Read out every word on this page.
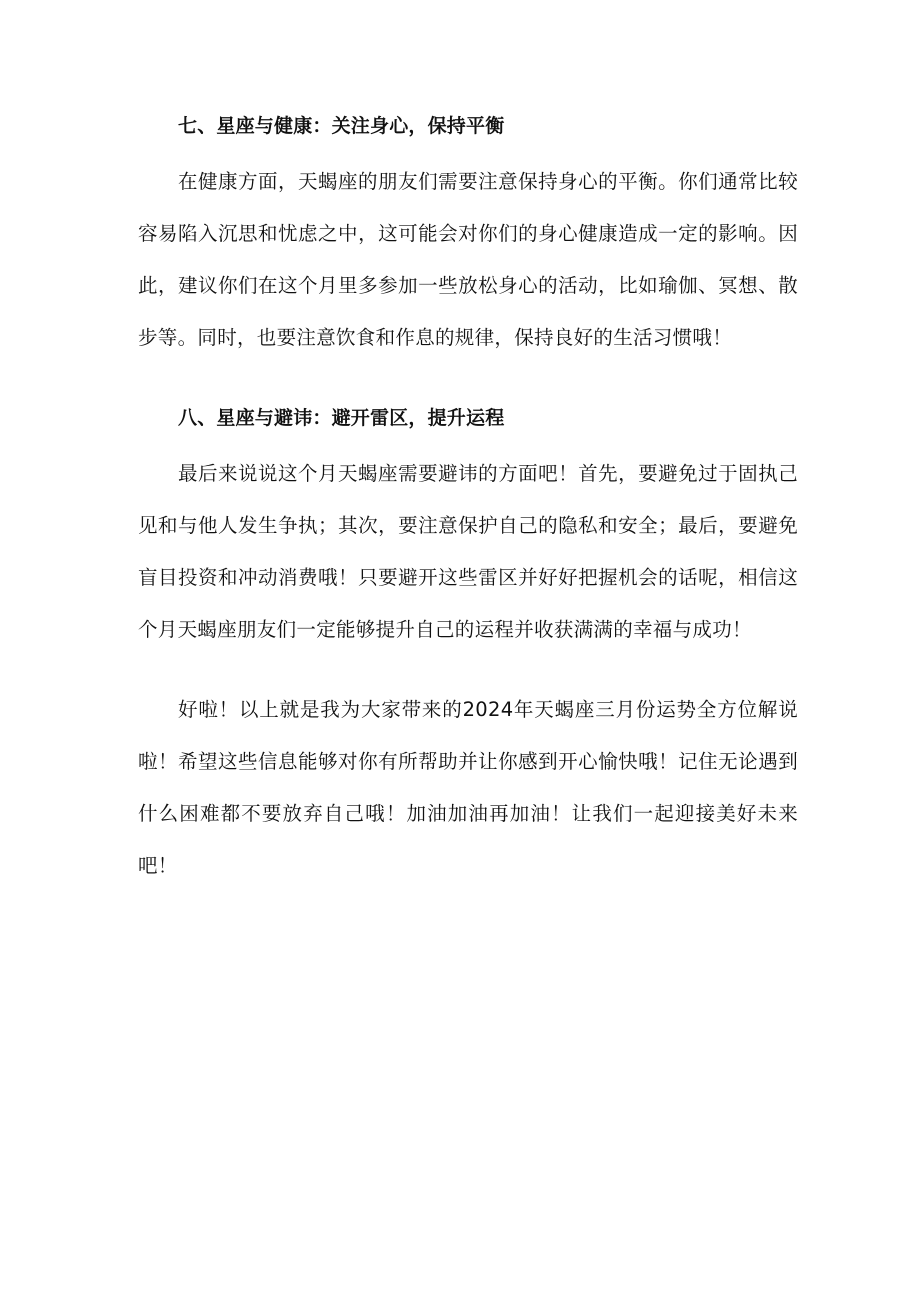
七、星座与健康：关注身心，保持平衡

在健康方面，天蝎座的朋友们需要注意保持身心的平衡。你们通常比较容易陷入沉思和忧虑之中，这可能会对你们的身心健康造成一定的影响。因此，建议你们在这个月里多参加一些放松身心的活动，比如瑜伽、冥想、散步等。同时，也要注意饮食和作息的规律，保持良好的生活习惯哦！

八、星座与避讳：避开雷区，提升运程

最后来说说这个月天蝎座需要避讳的方面吧！首先，要避免过于固执己见和与他人发生争执；其次，要注意保护自己的隐私和安全；最后，要避免盲目投资和冲动消费哦！只要避开这些雷区并好好把握机会的话呢，相信这个月天蝎座朋友们一定能够提升自己的运程并收获满满的幸福与成功！

好啦！以上就是我为大家带来的2024年天蝎座三月份运势全方位解说啦！希望这些信息能够对你有所帮助并让你感到开心愉快哦！记住无论遇到什么困难都不要放弃自己哦！加油加油再加油！让我们一起迎接美好未来吧！
